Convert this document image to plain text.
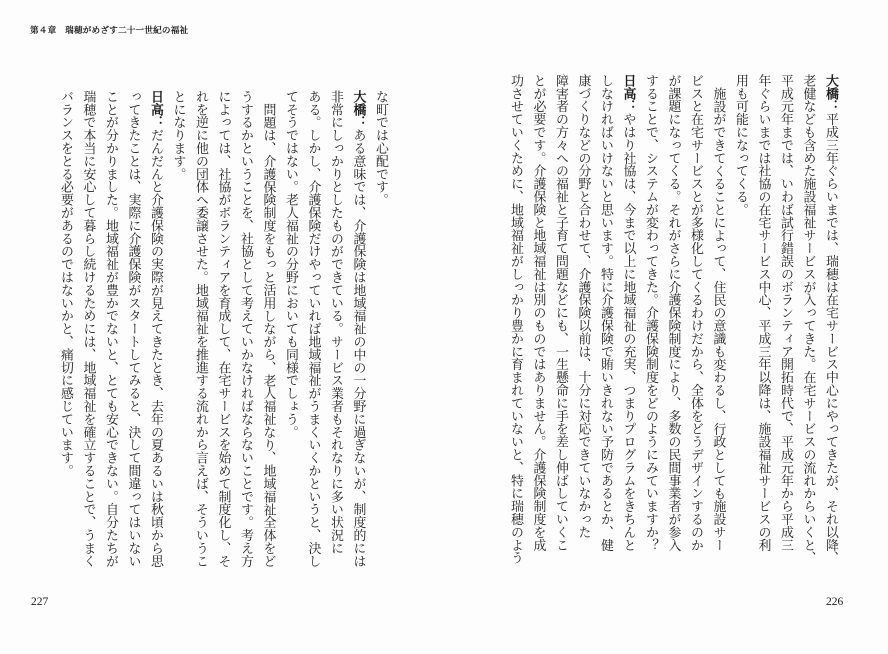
第４章　瑞穂がめざす二十一世紀の福祉
大橋：平成三年ぐらいまでは、瑞穂は在宅サービス中心にやってきたが、それ以降、
老健なども含めた施設福祉サービスが入ってきた。在宅サービスの流れからいくと、
平成元年までは、いわば試行錯誤のボランティア開拓時代で、平成元年から平成三
年ぐらいまでは社協の在宅サービス中心、平成三年以降は、施設福祉サービスの利
用も可能になってくる。
施設ができてくることによって、住民の意識も変わるし、行政としても施設サー
ビスと在宅サービスとが多様化してくるわけだから、全体をどうデザインするのか
が課題になってくる。それがさらに介護保険制度により、多数の民間事業者が参入
することで、システムが変わってきた。介護保険制度をどのようにみていますか？
日高：やはり社協は、今まで以上に地域福祉の充実、つまりプログラムをきちんと
しなければいけないと思います。特に介護保険で賄いきれない予防であるとか、健
康づくりなどの分野と合わせて、介護保険以前は、十分に対応できていなかった
障害者の方々への福祉と子育て問題などにも、一生懸命に手を差し伸ばしていくこ
とが必要です。介護保険と地域福祉は別のものではありません。介護保険制度を成
功させていくために、地域福祉がしっかり豊かに育まれていないと、特に瑞穂のよう
な町では心配です。
大橋：ある意味では、介護保険は地域福祉の中の一分野に過ぎないが、制度的には
非常にしっかりとしたものができている。サービス業者もそれなりに多い状況に
ある。しかし、介護保険だけやっていれば地域福祉がうまくいくかというと、決し
てそうではない。老人福祉の分野においても同様でしょう。
問題は、介護保険制度をもっと活用しながら、老人福祉なり、地域福祉全体をど
うするかということを、社協として考えていかなければならないことです。考え方
によっては、社協がボランティアを育成して、在宅サービスを始めて制度化し、そ
れを逆に他の団体へ委譲させた。地域福祉を推進する流れから言えば、そういうこ
とになります。
日高：だんだんと介護保険の実際が見えてきたとき、去年の夏あるいは秋頃から思
ってきたことは、実際に介護保険がスタートしてみると、決して間違ってはいない
ことが分かりました。地域福祉が豊かでないと、とても安心できない。自分たちが
瑞穂で本当に安心して暮らし続けるためには、地域福祉を確立することで、うまく
バランスをとる必要があるのではないかと、痛切に感じています。
227	226
